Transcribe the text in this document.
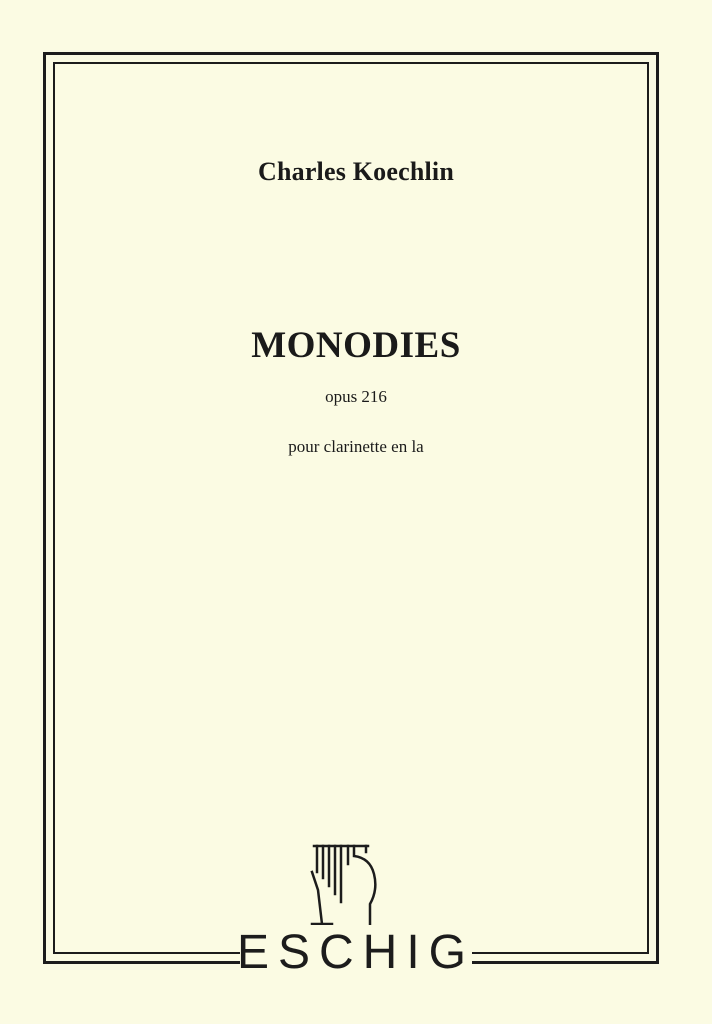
Charles Koechlin
MONODIES
opus 216
pour clarinette en la
ESCHIG
